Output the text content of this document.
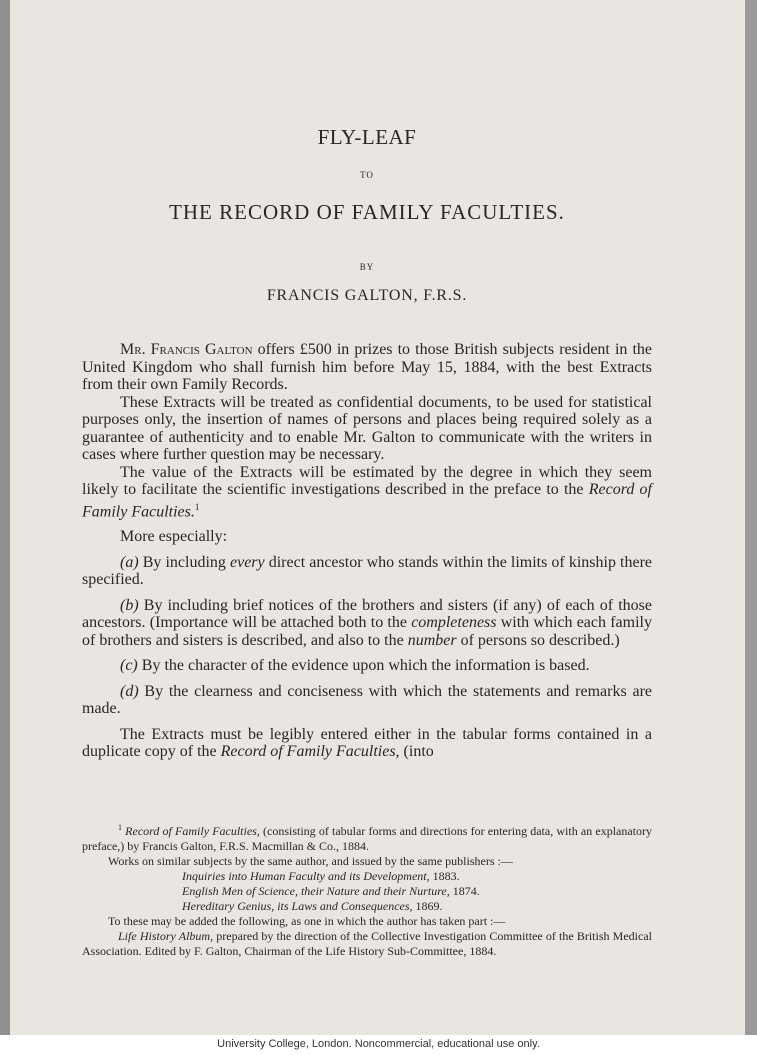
FLY-LEAF
TO
THE RECORD OF FAMILY FACULTIES.
BY
FRANCIS GALTON, F.R.S.

Mr. Francis Galton offers £500 in prizes to those British subjects resident in the United Kingdom who shall furnish him before May 15, 1884, with the best Extracts from their own Family Records.

These Extracts will be treated as confidential documents, to be used for statistical purposes only, the insertion of names of persons and places being required solely as a guarantee of authenticity and to enable Mr. Galton to communicate with the writers in cases where further question may be necessary.

The value of the Extracts will be estimated by the degree in which they seem likely to facilitate the scientific investigations described in the preface to the Record of Family Faculties.$^1$

More especially:

(a) By including every direct ancestor who stands within the limits of kinship there specified.

(b) By including brief notices of the brothers and sisters (if any) of each of those ancestors. (Importance will be attached both to the completeness with which each family of brothers and sisters is described, and also to the number of persons so described.)

(c) By the character of the evidence upon which the information is based.

(d) By the clearness and conciseness with which the statements and remarks are made.

The Extracts must be legibly entered either in the tabular forms contained in a duplicate copy of the Record of Family Faculties, (into

$^1$ Record of Family Faculties, (consisting of tabular forms and directions for entering data, with an explanatory preface,) by Francis Galton, F.R.S. Macmillan & Co., 1884.

Works on similar subjects by the same author, and issued by the same publishers :—

Inquiries into Human Faculty and its Development, 1883.

English Men of Science, their Nature and their Nurture, 1874.

Hereditary Genius, its Laws and Consequences, 1869.

To these may be added the following, as one in which the author has taken part :—

Life History Album, prepared by the direction of the Collective Investigation Committee of the British Medical Association. Edited by F. Galton, Chairman of the Life History Sub-Committee, 1884.

University College, London. Noncommercial, educational use only.
